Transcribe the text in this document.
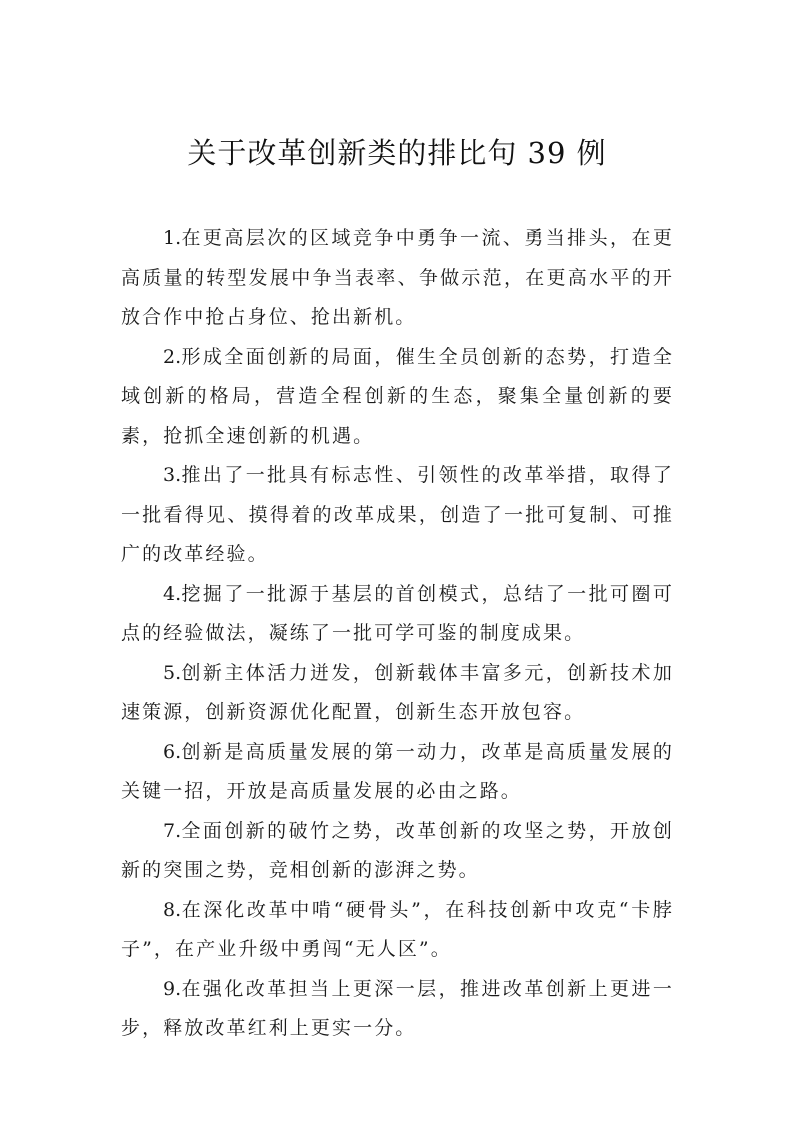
关于改革创新类的排比句 39 例

1.在更高层次的区域竞争中勇争一流、勇当排头，在更高质量的转型发展中争当表率、争做示范，在更高水平的开放合作中抢占身位、抢出新机。

2.形成全面创新的局面，催生全员创新的态势，打造全域创新的格局，营造全程创新的生态，聚集全量创新的要素，抢抓全速创新的机遇。

3.推出了一批具有标志性、引领性的改革举措，取得了一批看得见、摸得着的改革成果，创造了一批可复制、可推广的改革经验。

4.挖掘了一批源于基层的首创模式，总结了一批可圈可点的经验做法，凝练了一批可学可鉴的制度成果。

5.创新主体活力迸发，创新载体丰富多元，创新技术加速策源，创新资源优化配置，创新生态开放包容。

6.创新是高质量发展的第一动力，改革是高质量发展的关键一招，开放是高质量发展的必由之路。

7.全面创新的破竹之势，改革创新的攻坚之势，开放创新的突围之势，竞相创新的澎湃之势。

8.在深化改革中啃“硬骨头”，在科技创新中攻克“卡脖子”，在产业升级中勇闯“无人区”。

9.在强化改革担当上更深一层，推进改革创新上更进一步，释放改革红利上更实一分。
